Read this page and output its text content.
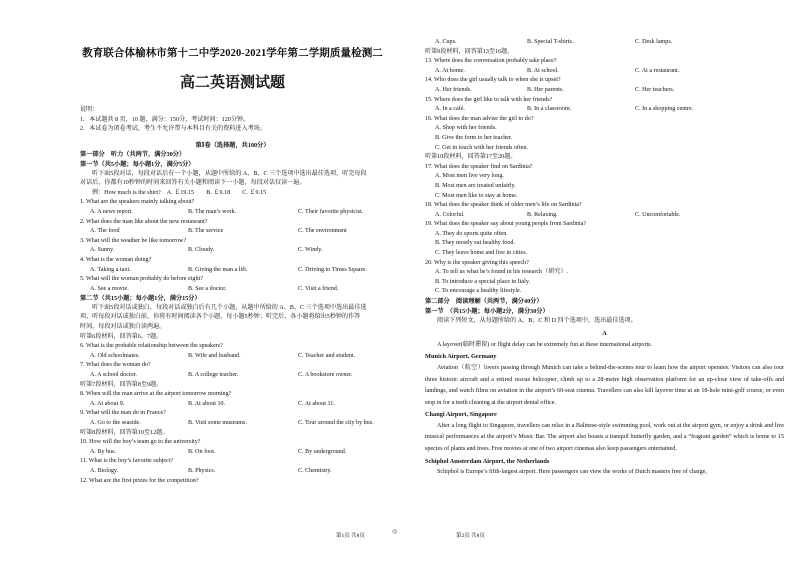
教育联合体榆林市第十二中学2020-2021学年第二学期质量检测二
高二英语测试题
说明：
1．本试题共 8 页，10 题，满分：150分，考试时间：120分钟。
2．本试卷为闭卷考试，考生不允许带与本科目有关的资料进入考场。
第Ⅰ卷（选择题，共100分）
第一部分　听力（共两节，满分30分）
第一节（共5小题；每小题1分，满分5分）
听下面5段对话，每段对话后有一个小题，从题中所给的 A、B、C 三个选项中选出最佳选项，听完每段
对话后，你都有10秒钟的时间来回答有关小题和阅读下一小题，每段对话仅读一遍。
例：How much is the shirt?　A. ￡19.15　　B. ￡9.18　　C. ￡9.15
1. What are the speakers mainly talking about?
A. A news report.	B. The man’s work.	C. Their favorite physicist.
2. What does the man like about the new restaurant?
A. The food	B. The service	C. The environment
3. What will the weather be like tomorrow?
A. Sunny.	B. Cloudy.	C. Windy.
4. What is the woman doing?
A. Taking a taxi.	B. Giving the man a lift.	C. Driving to Times Square.
5. What will the woman probably do before eight?
A. See a movie.	B. See a doctor.	C. Visit a friend.
第二节（共15小题；每小题1分，满分15分）
听下面5段对话或独白，每段对话或独白后有几个小题，从题中所给的 A、B、C 三个选项中选出最佳选
项，听每段对话或独白前，你将有时间阅读各个小题，每小题5秒钟；听完后，各小题将给出5秒钟的作答
时间，每段对话或独白读两遍。
听第6段材料，回答第6、7题。
6. What is the probable relationship between the speakers?
A. Old schoolmates.	B. Wife and husband.	C. Teacher and student.
7. What does the woman do?
A. A school doctor.	B. A college teacher.	C. A bookstore owner.
听第7段材料，回答第8至9题。
8. When will the man arrive at the airport tomorrow morning?
A. At about 9.	B. At about 10.	C. At about 11.
9. What will the man do in France?
A. Go to the seaside.	B. Visit some museums.	C. Tour around the city by bus.
听第8段材料，回答第10至12题。
10. How will the boy’s team go to the university?
A. By bus.	B. On foot.	C. By underground.
11. What is the boy’s favorite subject?
A. Biology.	B. Physics.	C. Chemistry.
12. What are the first prizes for the competition?
A. Cups.	B. Special T-shirts.	C. Desk lamps.
听第9段材料，回答第13至16题。
13. Where does the conversation probably take place?
A. At home.	B. At school.	C. At a restaurant.
14. Who does the girl usually talk to when she is upset?
A. Her friends.	B. Her parents.	C. Her teachers.
15. Where does the girl like to talk with her friends?
A. In a café.	B. In a classroom.	C. In a shopping centre.
16. What does the man advise the girl to do?
A. Shop with her friends.
B. Give the form to her teacher.
C. Get in touch with her friends often.
听第10段材料，回答第17至20题。
17. What does the speaker find on Sardinia?
A. Most men live very long.
B. Most men are treated unfairly.
C. Most men like to stay at home.
18. What does the speaker think of older men’s life on Sardinia?
A. Colorful.	B. Relaxing.	C. Uncomfortable.
19. What does the speaker say about young people from Sardinia?
A. They do sports quite often.
B. They mostly eat healthy food.
C. They leave home and live in cities.
20. Why is the speaker giving this speech?
A. To tell us what he’s found in his research（研究）.
B. To introduce a special place in Italy.
C. To encourage a healthy lifestyle.
第二部分　阅读理解（共两节，满分40分）
第一节　（共15小题；每小题2分，满分30分）
阅读下列短文，从每题所给的 A、B、C 和 D 四个选项中，选出最佳选项。
A

A layover(临时滞留) or flight delay can be extremely fun at these international airports.

Munich Airport, Germany

Aviation（航空）lovers passing through Munich can take a behind-the-scenes tour to learn how the airport operates. Visitors can also tour three historic aircraft and a retired rescue helicopter, climb up to a 28-metre high observation platform for an up-close view of take-offs and landings, and watch films on aviation in the airport’s 60-seat cinema. Travellers can also kill layover time at an 18-hole mini-golf course, or even stop in for a teeth cleaning at the airport dental office.

Changi Airport, Singapore

After a long flight to Singapore, travellers can relax in a Balinese-style swimming pool, work out at the airport gym, or enjoy a drink and live musical performances at the airport’s Music Bar. The airport also boasts a tranquil butterfly garden, and a “fragrant garden” which is home to 15 species of plants and trees. Free movies at one of two airport cinemas also keep passengers entertained.

Schiphol Amsterdam Airport, the Netherlands

Schiphol is Europe’s fifth-largest airport. Here passengers can view the works of Dutch masters free of charge,

第1页 共8页
◎
第2页 共8页
